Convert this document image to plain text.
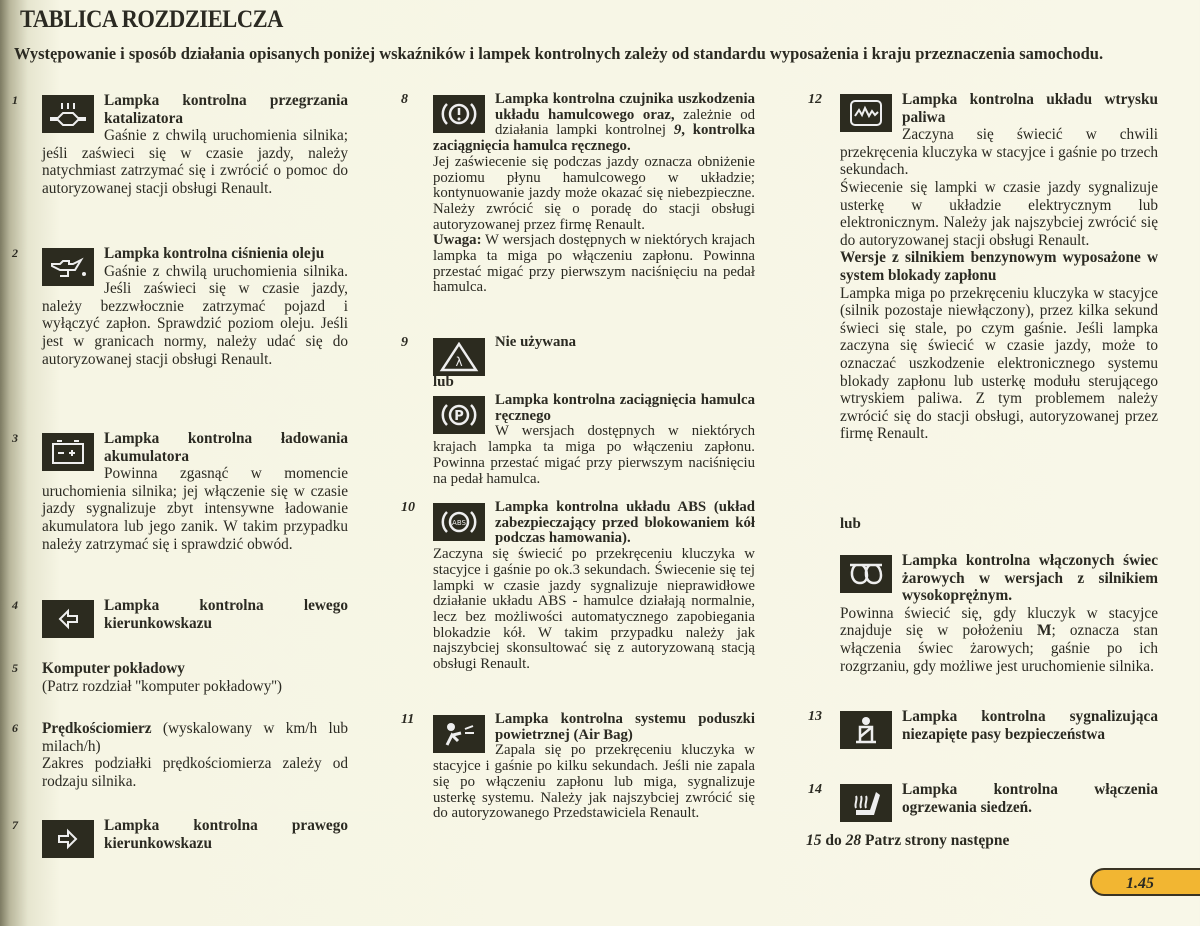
TABLICA ROZDZIELCZA
Występowanie i sposób działania opisanych poniżej wskaźników i lampek kontrolnych zależy od standardu wyposażenia i kraju przeznaczenia samochodu.
1	Lampka kontrolna przegrzania katalizatora
Gaśnie z chwilą uruchomienia silnika; jeśli zaświeci się w czasie jazdy, należy natychmiast zatrzymać się i zwrócić o pomoc do autoryzowanej stacji obsługi Renault.
2	Lampka kontrolna ciśnienia oleju
Gaśnie z chwilą uruchomienia silnika. Jeśli zaświeci się w czasie jazdy, należy bezzwłocznie zatrzymać pojazd i wyłączyć zapłon. Sprawdzić poziom oleju. Jeśli jest w granicach normy, należy udać się do autoryzowanej stacji obsługi Renault.
3	Lampka kontrolna ładowania akumulatora
Powinna zgasnąć w momencie uruchomienia silnika; jej włączenie się w czasie jazdy sygnalizuje zbyt intensywne ładowanie akumulatora lub jego zanik. W takim przypadku należy zatrzymać się i sprawdzić obwód.
4	Lampka kontrolna lewego kierunkowskazu
5 Komputer pokładowy
(Patrz rozdział ''komputer pokładowy'')
6 Prędkościomierz (wyskalowany w km/h lub milach/h)
Zakres podziałki prędkościomierza zależy od rodzaju silnika.
7	Lampka kontrolna prawego kierunkowskazu
8	Lampka kontrolna czujnika uszkodzenia układu hamulcowego oraz, zależnie od działania lampki kontrolnej 9, kontrolka zaciągnięcia hamulca ręcznego.
Jej zaświecenie się podczas jazdy oznacza obniżenie poziomu płynu hamulcowego w układzie; kontynuowanie jazdy może okazać się niebezpieczne. Należy zwrócić się o poradę do stacji obsługi autoryzowanej przez firmę Renault.
Uwaga: W wersjach dostępnych w niektórych krajach lampka ta miga po włączeniu zapłonu. Powinna przestać migać przy pierwszym naciśnięciu na pedał hamulca.
9
λ
Nie używana
P
Lampka kontrolna zaciągnięcia hamulca ręcznego
W wersjach dostępnych w niektórych krajach lampka ta miga po włączeniu zapłonu. Powinna przestać migać przy pierwszym naciśnięciu na pedał hamulca.
10
ABS
Lampka kontrolna układu ABS (układ zabezpieczający przed blokowaniem kół podczas hamowania).
Zaczyna się świecić po przekręceniu kluczyka w stacyjce i gaśnie po ok.3 sekundach. Świecenie się tej lampki w czasie jazdy sygnalizuje nieprawidłowe działanie układu ABS - hamulce działają normalnie, lecz bez możliwości automatycznego zapobiegania blokadzie kół. W takim przypadku należy jak najszybciej skonsultować się z autoryzowaną stacją obsługi Renault.
11	Lampka kontrolna systemu poduszki powietrznej (Air Bag)
Zapala się po przekręceniu kluczyka w stacyjce i gaśnie po kilku sekundach. Jeśli nie zapala się po włączeniu zapłonu lub miga, sygnalizuje usterkę systemu. Należy jak najszybciej zwrócić się do autoryzowanego Przedstawiciela Renault.
12	Lampka kontrolna układu wtrysku paliwa
Zaczyna się świecić w chwili przekręcenia kluczyka w stacyjce i gaśnie po trzech sekundach.
Świecenie się lampki w czasie jazdy sygnalizuje usterkę w układzie elektrycznym lub elektronicznym. Należy jak najszybciej zwrócić się do autoryzowanej stacji obsługi Renault.
Wersje z silnikiem benzynowym wyposażone w system blokady zapłonu
Lampka miga po przekręceniu kluczyka w stacyjce (silnik pozostaje niewłączony), przez kilka sekund świeci się stale, po czym gaśnie. Jeśli lampka zaczyna się świecić w czasie jazdy, może to oznaczać uszkodzenie elektronicznego systemu blokady zapłonu lub usterkę modułu sterującego wtryskiem paliwa. Z tym problemem należy zwrócić się do stacji obsługi, autoryzowanej przez firmę Renault.
Lampka kontrolna włączonych świec żarowych w wersjach z silnikiem wysokoprężnym.
Powinna świecić się, gdy kluczyk w stacyjce znajduje się w położeniu M; oznacza stan włączenia świec żarowych; gaśnie po ich rozgrzaniu, gdy możliwe jest uruchomienie silnika.
13	Lampka kontrolna sygnalizująca niezapięte pasy bezpieczeństwa
14	Lampka kontrolna włączenia ogrzewania siedzeń.
lub
lub
15 do 28 Patrz strony następne
1.45
